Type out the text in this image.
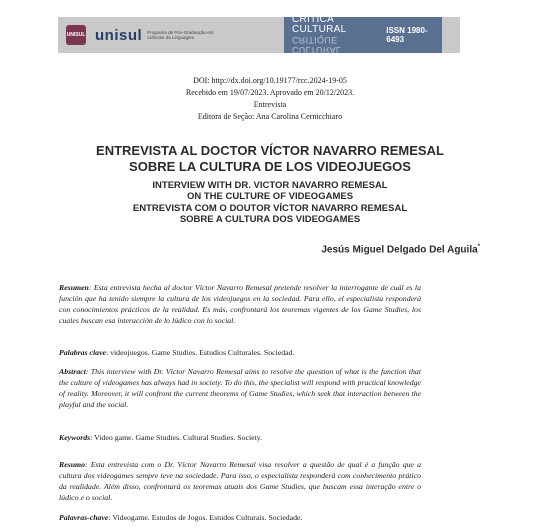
UNISUL unisul Programa de Pós-Graduação em Ciências da Linguagem
CRÍTICA CULTURAL
CULTURAL CRITIQUE
ISSN 1980-6493
DOI: http://dx.doi.org/10.19177/rcc.2024-19-05
Recebido em 19/07/2023. Aprovado em 20/12/2023.
Entrevista
Editora de Seção: Ana Carolina Cernicchiaro
ENTREVISTA AL DOCTOR VÍCTOR NAVARRO REMESAL
SOBRE LA CULTURA DE LOS VIDEOJUEGOS
INTERVIEW WITH DR. VICTOR NAVARRO REMESAL
ON THE CULTURE OF VIDEOGAMES
ENTREVISTA COM O DOUTOR VÍCTOR NAVARRO REMESAL
SOBRE A CULTURA DOS VIDEOGAMES
Jesús Miguel Delgado Del Aguila*
Resumen: Esta entrevista hecha al doctor Víctor Navarro Remesal pretende resolver la interrogante de cuál es la función que ha tenido siempre la cultura de los videojuegos en la sociedad. Para ello, el especialista responderá con conocimientos prácticos de la realidad. Es más, confrontará los teoremas vigentes de los Game Studies, los cuales buscan esa interacción de lo lúdico con lo social.
Palabras clave: videojuegos. Game Studies. Estudios Culturales. Sociedad.
Abstract: This interview with Dr. Víctor Navarro Remesal aims to resolve the question of what is the function that the culture of videogames has always had in society. To do this, the specialist will respond with practical knowledge of reality. Moreover, it will confront the current theorems of Game Studies, which seek that interaction between the playful and the social.
Keywords: Video game. Game Studies. Cultural Studies. Society.
Resumo: Esta entrevista com o Dr. Víctor Navarro Remesal visa resolver a questão de qual é a função que a cultura dos videogames sempre teve na sociedade. Para isso, o especialista responderá com conhecimento prático da realidade. Além disso, confrontará os teoremas atuais dos Game Studies, que buscam essa interação entre o lúdico e o social.
Palavras-chave: Videogame. Estudos de Jogos. Estudos Culturais. Sociedade.
